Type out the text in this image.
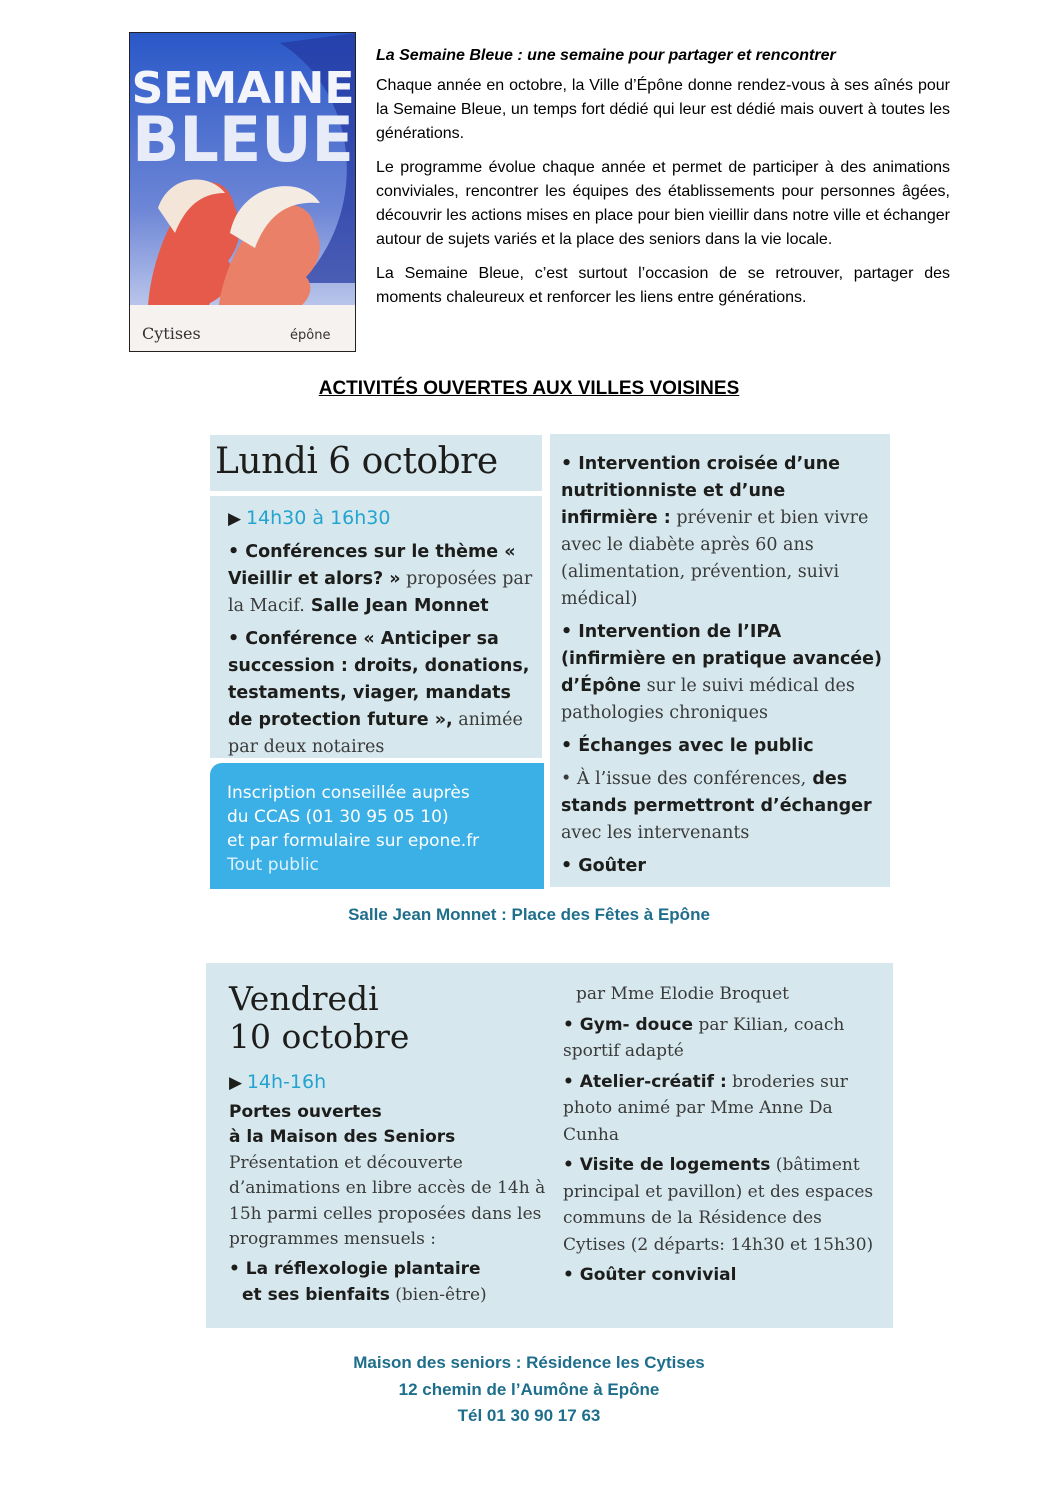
SEMAINE
BLEUE
Cytises	épône

La Semaine Bleue : une semaine pour partager et rencontrer

Chaque année en octobre, la Ville d’Épône donne rendez-vous à ses aînés pour la Semaine Bleue, un temps fort dédié qui leur est dédié mais ouvert à toutes les générations.

Le programme évolue chaque année et permet de participer à des animations conviviales, rencontrer les équipes des établissements pour personnes âgées, découvrir les actions mises en place pour bien vieillir dans notre ville et échanger autour de sujets variés et la place des seniors dans la vie locale.

La Semaine Bleue, c’est surtout l’occasion de se retrouver, partager des moments chaleureux et renforcer les liens entre générations.

ACTIVITÉS OUVERTES AUX VILLES VOISINES
Lundi 6 octobre
▶ 14h30 à 16h30
• Conférences sur le thème « Vieillir et alors? » proposées par la Macif. Salle Jean Monnet
• Conférence « Anticiper sa succession : droits, donations, testaments, viager, mandats de protection future », animée par deux notaires
Inscription conseillée auprès
du CCAS (01 30 95 05 10)
et par formulaire sur epone.fr
Tout public
• Intervention croisée d’une nutritionniste et d’une infirmière : prévenir et bien vivre avec le diabète après 60 ans (alimentation, prévention, suivi médical)
• Intervention de l’IPA (infirmière en pratique avancée) d’Épône sur le suivi médical des pathologies chroniques
• Échanges avec le public
• À l’issue des conférences, des stands permettront d’échanger avec les intervenants
• Goûter
Salle Jean Monnet : Place des Fêtes à Epône
Vendredi
10 octobre
▶ 14h-16h
Portes ouvertes
à la Maison des Seniors
Présentation et découverte d’animations en libre accès de 14h à 15h parmi celles proposées dans les programmes mensuels :
• La réflexologie plantaire
et ses bienfaits (bien-être)
par Mme Elodie Broquet
• Gym- douce par Kilian, coach sportif adapté
• Atelier-créatif : broderies sur photo animé par Mme Anne Da Cunha
• Visite de logements (bâtiment principal et pavillon) et des espaces communs de la Résidence des Cytises (2 départs: 14h30 et 15h30)
• Goûter convivial
Maison des seniors : Résidence les Cytises
12 chemin de l’Aumône à Epône
Tél 01 30 90 17 63
